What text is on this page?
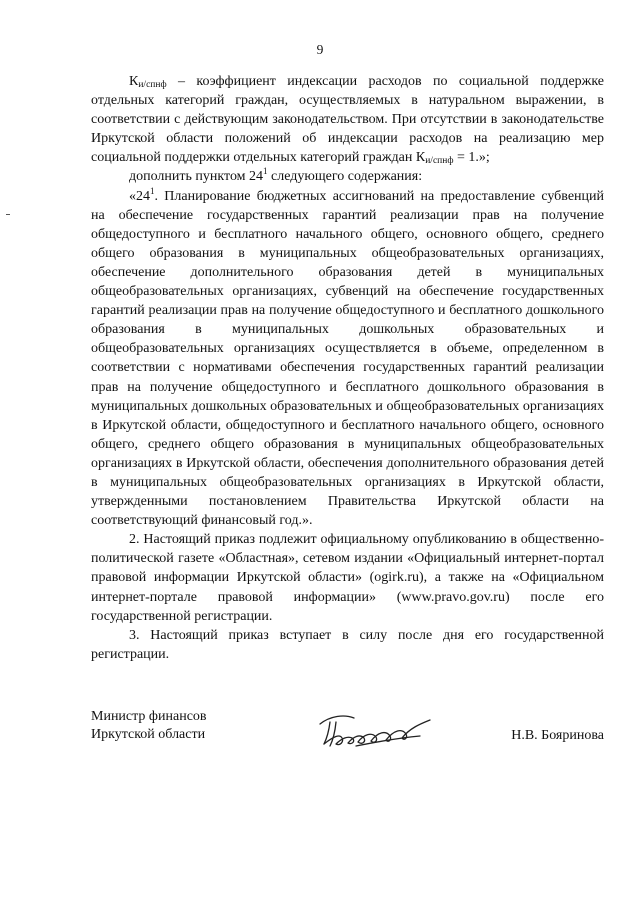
9

$К_{и/спнф}$ – коэффициент индексации расходов по социальной поддержке отдельных категорий граждан, осуществляемых в натуральном выражении, в соответствии с действующим законодательством. При отсутствии в законодательстве Иркутской области положений об индексации расходов на реализацию мер социальной поддержки отдельных категорий граждан $К_{и/спнф} = 1$.»;

дополнить пунктом $24^1$ следующего содержания:

«$24^1$. Планирование бюджетных ассигнований на предоставление субвенций на обеспечение государственных гарантий реализации прав на получение общедоступного и бесплатного начального общего, основного общего, среднего общего образования в муниципальных общеобразовательных организациях, обеспечение дополнительного образования детей в муниципальных общеобразовательных организациях, субвенций на обеспечение государственных гарантий реализации прав на получение общедоступного и бесплатного дошкольного образования в муниципальных дошкольных образовательных и общеобразовательных организациях осуществляется в объеме, определенном в соответствии с нормативами обеспечения государственных гарантий реализации прав на получение общедоступного и бесплатного дошкольного образования в муниципальных дошкольных образовательных и общеобразовательных организациях в Иркутской области, общедоступного и бесплатного начального общего, основного общего, среднего общего образования в муниципальных общеобразовательных организациях в Иркутской области, обеспечения дополнительного образования детей в муниципальных общеобразовательных организациях в Иркутской области, утвержденными постановлением Правительства Иркутской области на соответствующий финансовый год.».

2. Настоящий приказ подлежит официальному опубликованию в общественно-политической газете «Областная», сетевом издании «Официальный интернет-портал правовой информации Иркутской области» (ogirk.ru), а также на «Официальном интернет-портале правовой информации» (www.pravo.gov.ru) после его государственной регистрации.

3. Настоящий приказ вступает в силу после дня его государственной регистрации.

Министр финансов
Иркутской области	Н.В. Бояринова
